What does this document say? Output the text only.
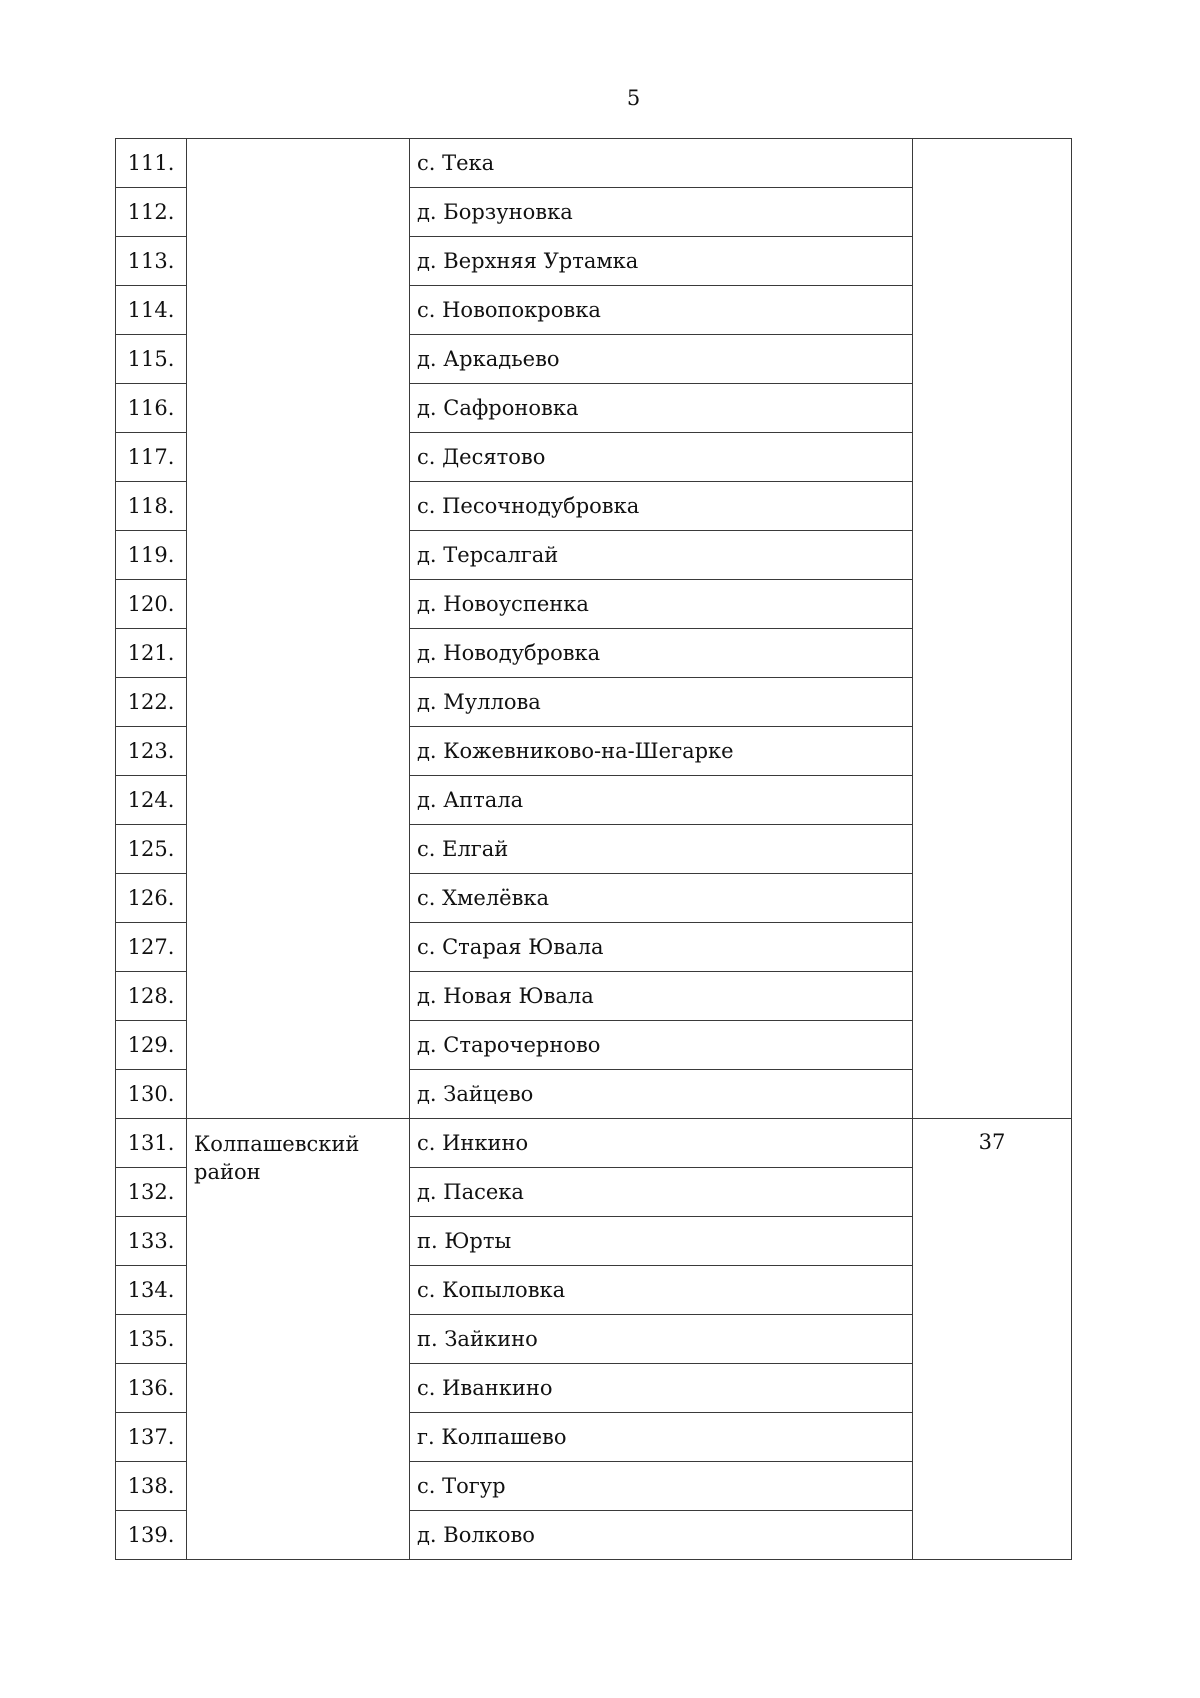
5
111.		с. Тека	
112.		д. Борзуновка	
113.		д. Верхняя Уртамка	
114.		с. Новопокровка	
115.		д. Аркадьево	
116.		д. Сафроновка	
117.		с. Десятово	
118.		с. Песочнодубровка	
119.		д. Терсалгай	
120.		д. Новоуспенка	
121.		д. Новодубровка	
122.		д. Муллова	
123.		д. Кожевниково-на-Шегарке	
124.		д. Аптала	
125.		с. Елгай	
126.		с. Хмелёвка	
127.		с. Старая Ювала	
128.		д. Новая Ювала	
129.		д. Старочерново	
130.		д. Зайцево	
131.	Колпашевский район	с. Инкино	37
132.		д. Пасека	
133.		п. Юрты	
134.		с. Копыловка	
135.		п. Зайкино	
136.		с. Иванкино	
137.		г. Колпашево	
138.		с. Тогур	
139.		д. Волково	
